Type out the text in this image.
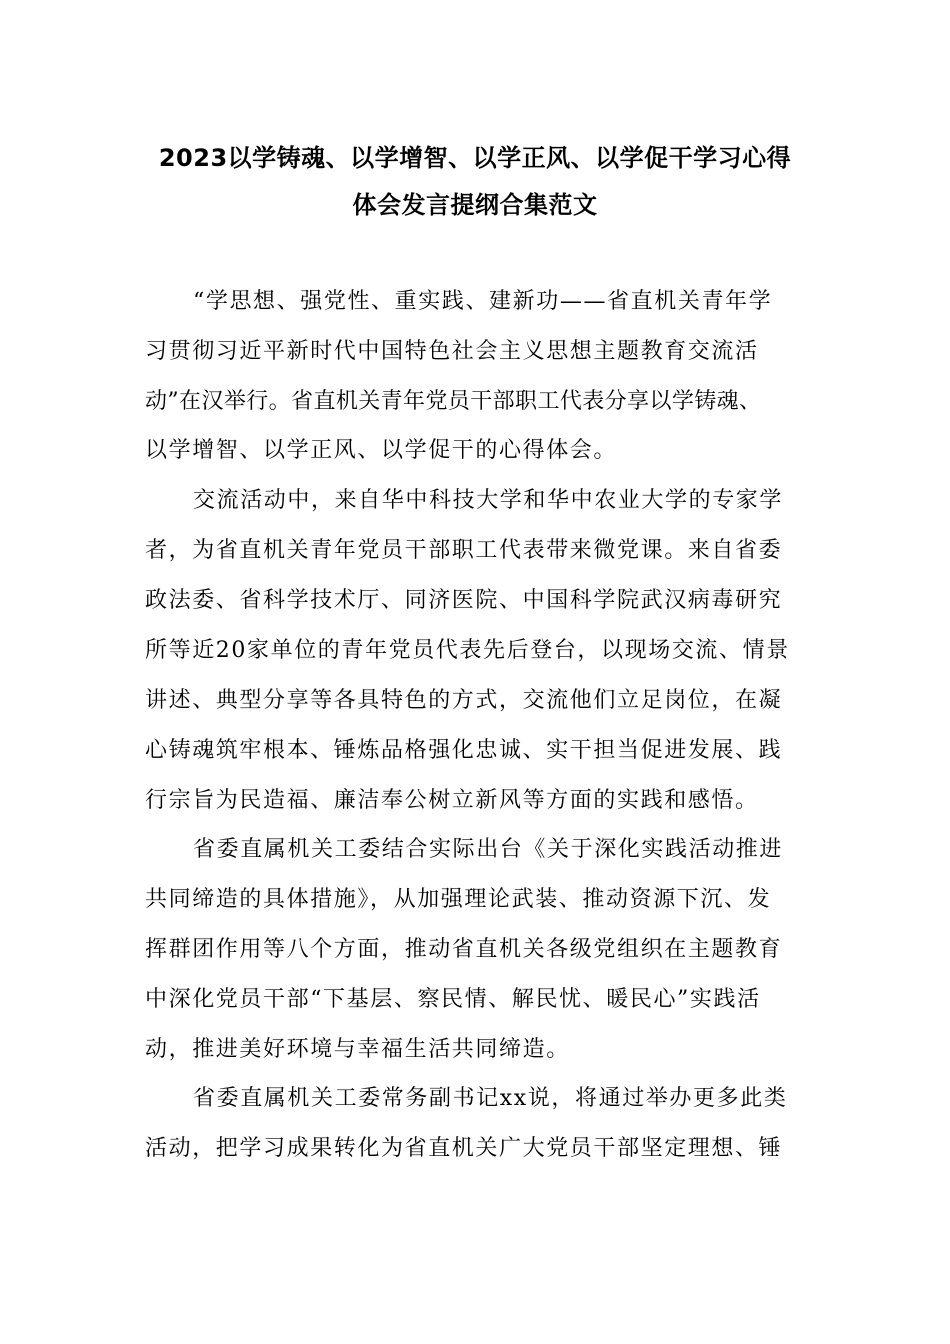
2023以学铸魂、以学增智、以学正风、以学促干学习心得
体会发言提纲合集范文
“学思想、强党性、重实践、建新功——省直机关青年学
习贯彻习近平新时代中国特色社会主义思想主题教育交流活
动”在汉举行。省直机关青年党员干部职工代表分享以学铸魂、
以学增智、以学正风、以学促干的心得体会。
交流活动中，来自华中科技大学和华中农业大学的专家学
者，为省直机关青年党员干部职工代表带来微党课。来自省委
政法委、省科学技术厅、同济医院、中国科学院武汉病毒研究
所等近20家单位的青年党员代表先后登台，以现场交流、情景
讲述、典型分享等各具特色的方式，交流他们立足岗位，在凝
心铸魂筑牢根本、锤炼品格强化忠诚、实干担当促进发展、践
行宗旨为民造福、廉洁奉公树立新风等方面的实践和感悟。
省委直属机关工委结合实际出台《关于深化实践活动推进
共同缔造的具体措施》，从加强理论武装、推动资源下沉、发
挥群团作用等八个方面，推动省直机关各级党组织在主题教育
中深化党员干部“下基层、察民情、解民忧、暖民心”实践活
动，推进美好环境与幸福生活共同缔造。
省委直属机关工委常务副书记xx说，将通过举办更多此类
活动，把学习成果转化为省直机关广大党员干部坚定理想、锤
